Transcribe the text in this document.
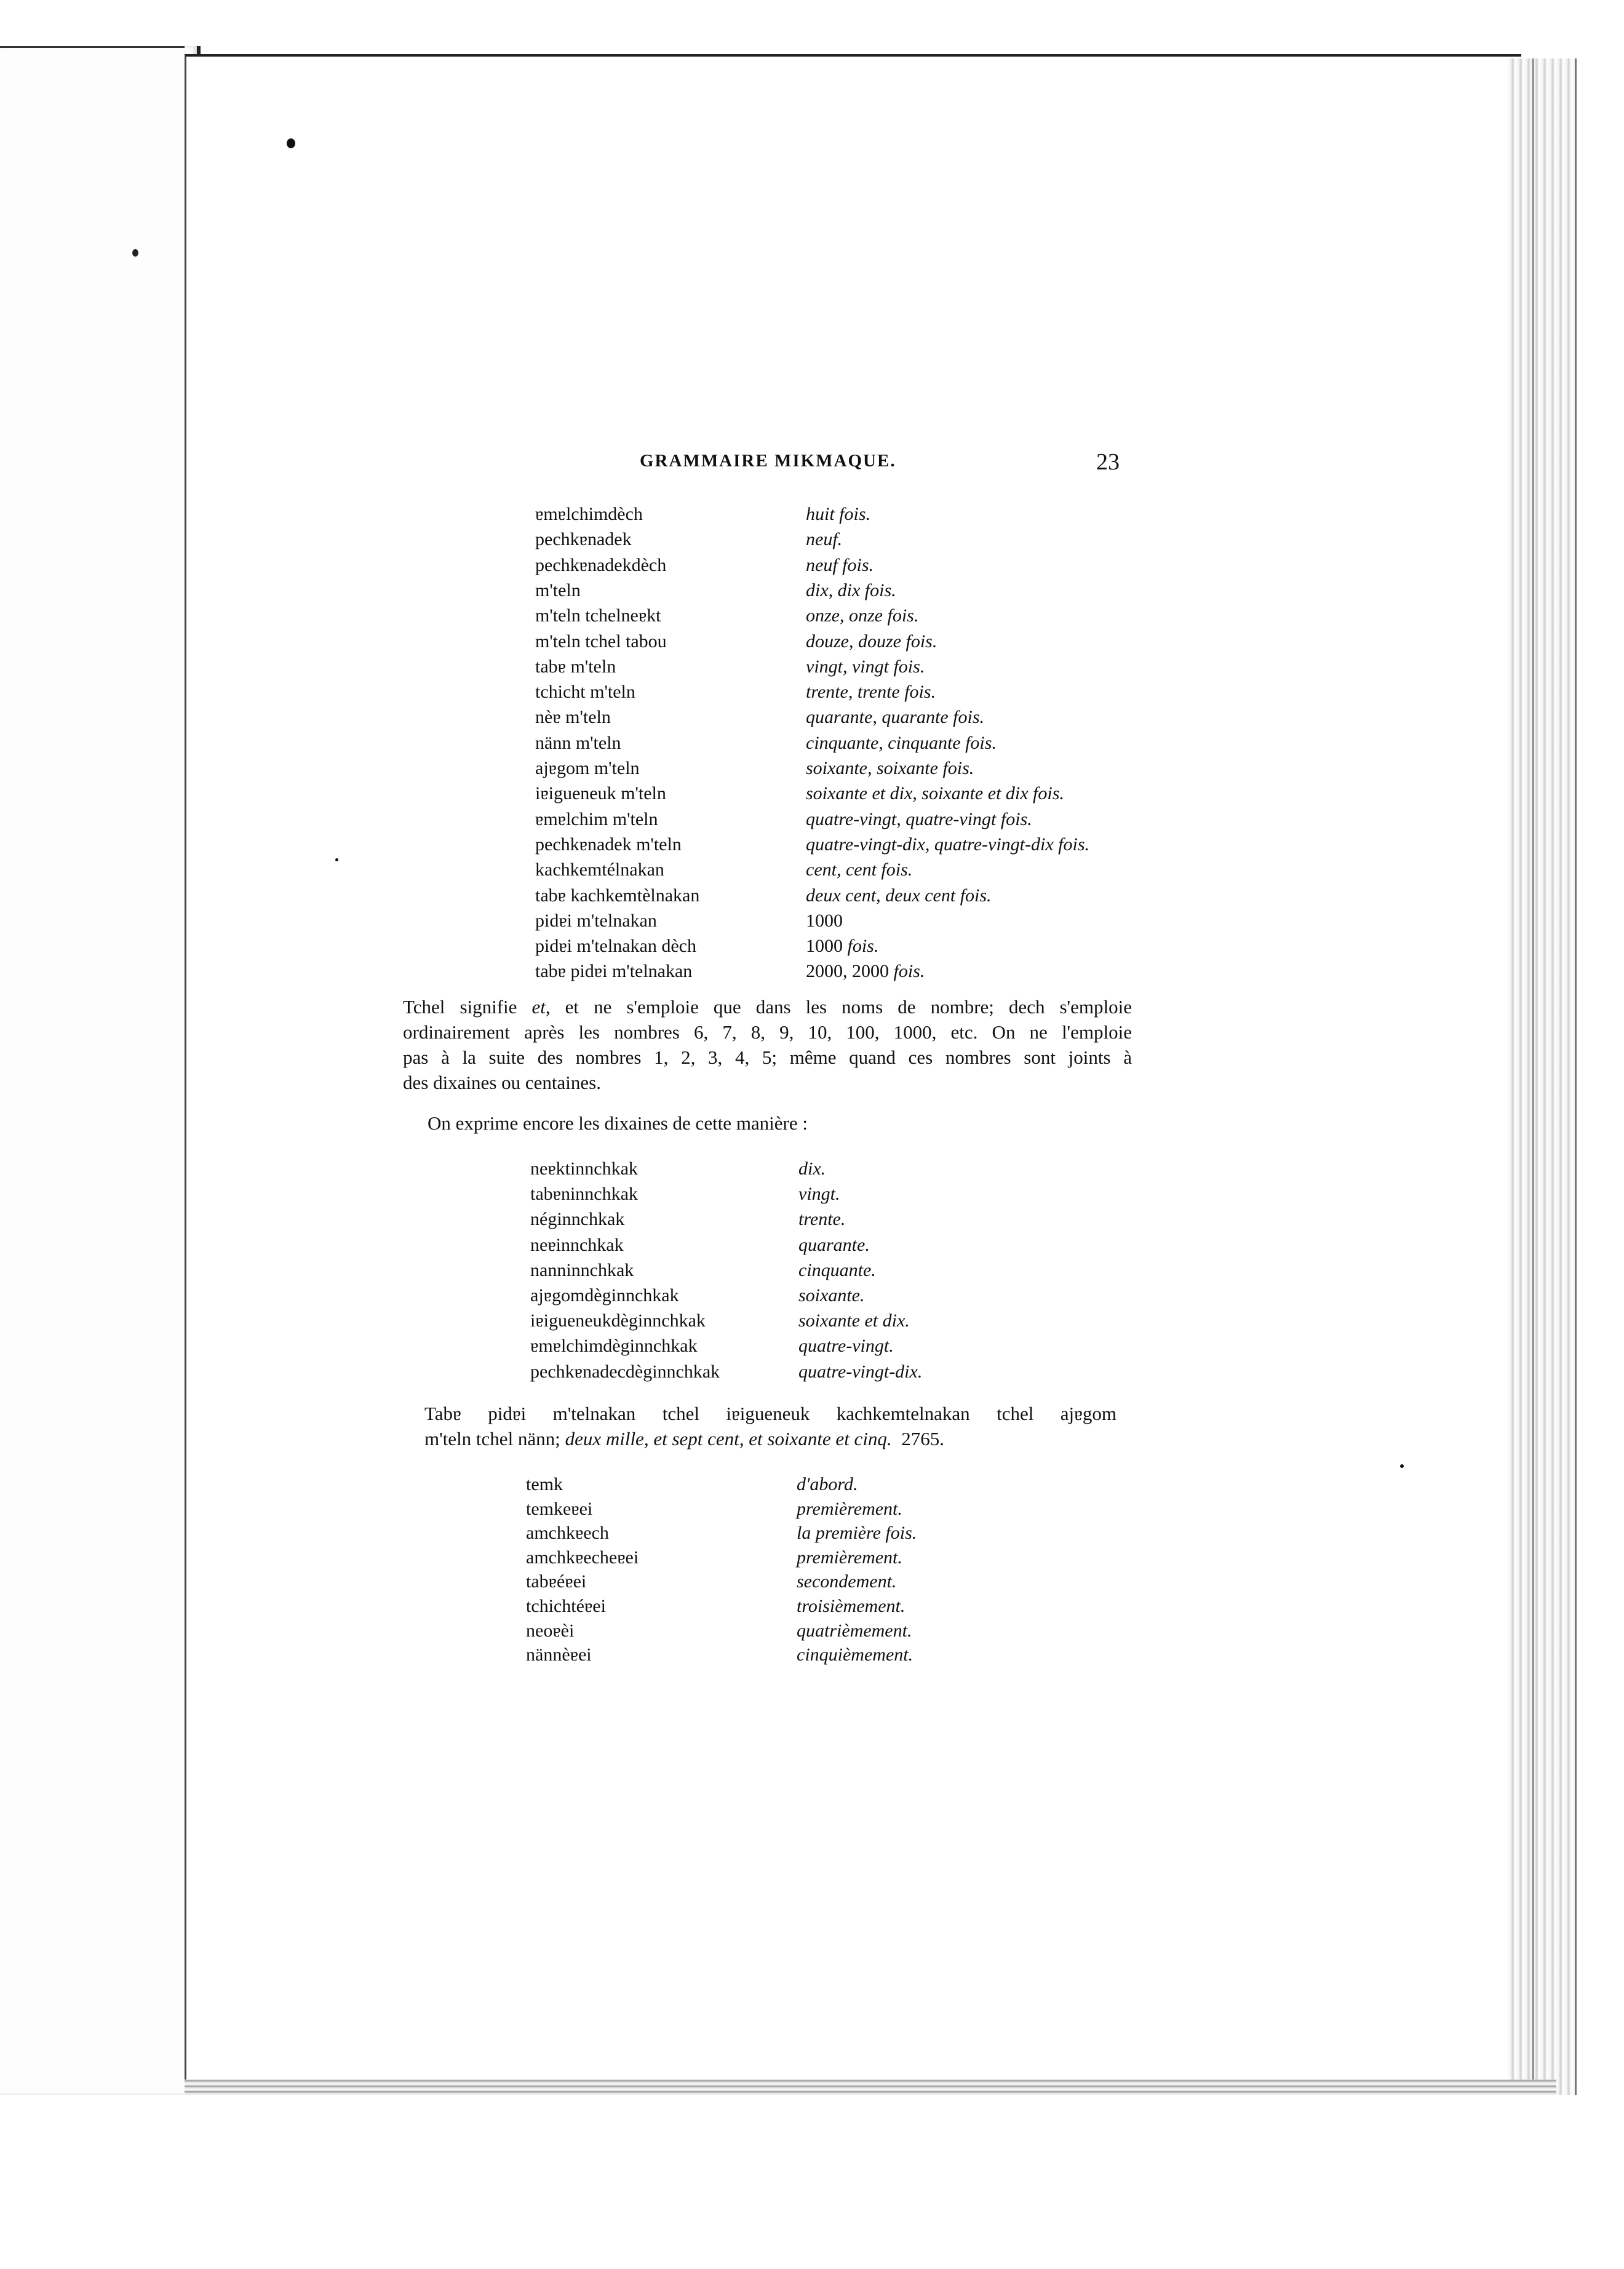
GRAMMAIRE MIKMAQUE.	23
ɐmɐlchimdèch	huit fois.
pechkɐnadek	neuf.
pechkɐnadekdèch	neuf fois.
m'teln	dix, dix fois.
m'teln tchelneɐkt	onze, onze fois.
m'teln tchel tabou	douze, douze fois.
tabɐ m'teln	vingt, vingt fois.
tchicht m'teln	trente, trente fois.
nèɐ m'teln	quarante, quarante fois.
nänn m'teln	cinquante, cinquante fois.
ajɐgom m'teln	soixante, soixante fois.
iɐigueneuk m'teln	soixante et dix, soixante et dix fois.
ɐmɐlchim m'teln	quatre-vingt, quatre-vingt fois.
pechkɐnadek m'teln	quatre-vingt-dix, quatre-vingt-dix fois.
kachkemtélnakan	cent, cent fois.
tabɐ kachkemtèlnakan	deux cent, deux cent fois.
pidɐi m'telnakan	1000
pidɐi m'telnakan dèch	1000 fois.
tabɐ pidɐi m'telnakan	2000, 2000 fois.
Tchel signifie et, et ne s'emploie que dans les noms de nombre; dech s'emploie
ordinairement après les nombres 6, 7, 8, 9, 10, 100, 1000, etc. On ne l'emploie
pas à la suite des nombres 1, 2, 3, 4, 5; même quand ces nombres sont joints à
des dixaines ou centaines.
On exprime encore les dixaines de cette manière :
neɐktinnchkak	dix.
tabɐninnchkak	vingt.
néginnchkak	trente.
neɐinnchkak	quarante.
nanninnchkak	cinquante.
ajɐgomdèginnchkak	soixante.
iɐigueneukdèginnchkak	soixante et dix.
ɐmɐlchimdèginnchkak	quatre-vingt.
pechkɐnadecdèginnchkak	quatre-vingt-dix.
Tabɐ pidɐi m'telnakan tchel iɐigueneuk kachkemtelnakan tchel ajɐgom
m'teln tchel nänn; deux mille, et sept cent, et soixante et cinq. 2765.
temk	d'abord.
temkeɐei	premièrement.
amchkɐech	la première fois.
amchkɐecheɐei	premièrement.
tabɐéɐei	secondement.
tchichtéɐei	troisièmement.
neoɐèi	quatrièmement.
nännèɐei	cinquièmement.
